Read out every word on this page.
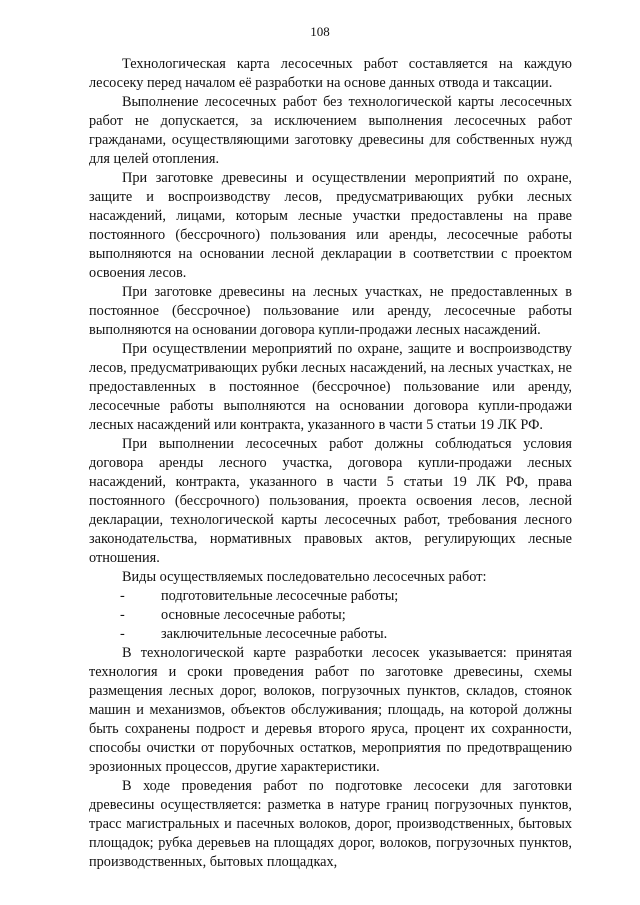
108

Технологическая карта лесосечных работ составляется на каждую лесосеку перед началом её разработки на основе данных отвода и таксации.

Выполнение лесосечных работ без технологической карты лесосечных работ не допускается, за исключением выполнения лесосечных работ гражданами, осуществляющими заготовку древесины для собственных нужд для целей отопления.

При заготовке древесины и осуществлении мероприятий по охране, защите и воспроизводству лесов, предусматривающих рубки лесных насаждений, лицами, которым лесные участки предоставлены на праве постоянного (бессрочного) пользования или аренды, лесосечные работы выполняются на основании лесной декларации в соответствии с проектом освоения лесов.

При заготовке древесины на лесных участках, не предоставленных в постоянное (бессрочное) пользование или аренду, лесосечные работы выполняются на основании договора купли-продажи лесных насаждений.

При осуществлении мероприятий по охране, защите и воспроизводству лесов, предусматривающих рубки лесных насаждений, на лесных участках, не предоставленных в постоянное (бессрочное) пользование или аренду, лесосечные работы выполняются на основании договора купли-продажи лесных насаждений или контракта, указанного в части 5 статьи 19 ЛК РФ.

При выполнении лесосечных работ должны соблюдаться условия договора аренды лесного участка, договора купли-продажи лесных насаждений, контракта, указанного в части 5 статьи 19 ЛК РФ, права постоянного (бессрочного) пользования, проекта освоения лесов, лесной декларации, технологической карты лесосечных работ, требования лесного законодательства, нормативных правовых актов, регулирующих лесные отношения.

Виды осуществляемых последовательно лесосечных работ:

-	подготовительные лесосечные работы;
-	основные лесосечные работы;
-	заключительные лесосечные работы.

В технологической карте разработки лесосек указывается: принятая технология и сроки проведения работ по заготовке древесины, схемы размещения лесных дорог, волоков, погрузочных пунктов, складов, стоянок машин и механизмов, объектов обслуживания; площадь, на которой должны быть сохранены подрост и деревья второго яруса, процент их сохранности, способы очистки от порубочных остатков, мероприятия по предотвращению эрозионных процессов, другие характеристики.

В ходе проведения работ по подготовке лесосеки для заготовки древесины осуществляется: разметка в натуре границ погрузочных пунктов, трасс магистральных и пасечных волоков, дорог, производственных, бытовых площадок; рубка деревьев на площадях дорог, волоков, погрузочных пунктов, производственных, бытовых площадках,
